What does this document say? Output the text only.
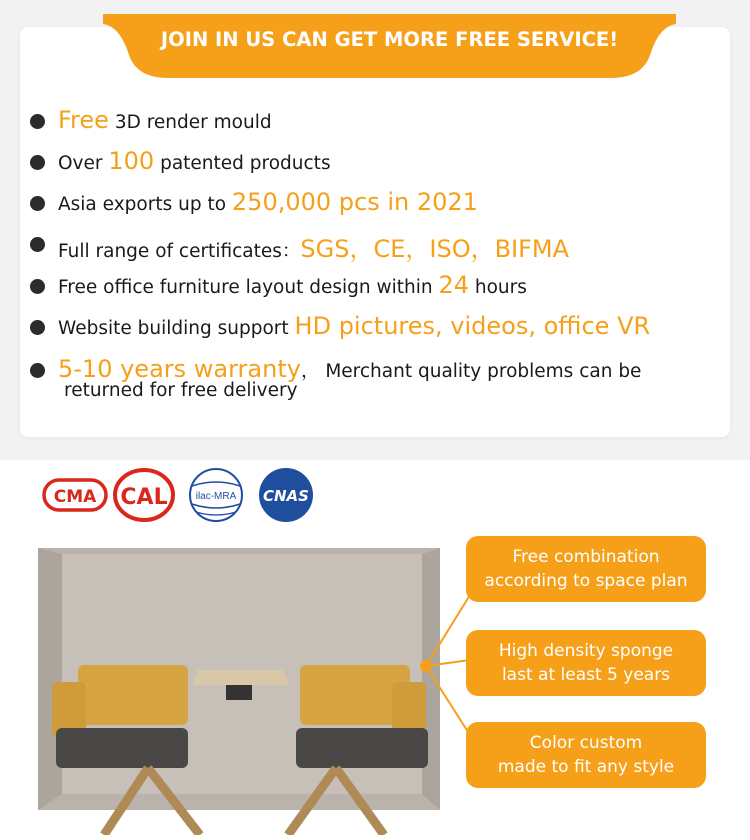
JOIN IN US CAN GET MORE FREE SERVICE!
Free 3D render mould
Over 100 patented products
Asia exports up to 250,000 pcs in 2021
Full range of certificates：SGS，CE，ISO，BIFMA
Free office furniture layout design within 24 hours
Website building support HD pictures, videos, office VR
5-10 years warranty， Merchant quality problems can be
returned for free delivery
CMA CAL	ilac-MRA CNAS
Free combination
according to space plan
High density sponge
last at least 5 years
Color custom
made to fit any style
